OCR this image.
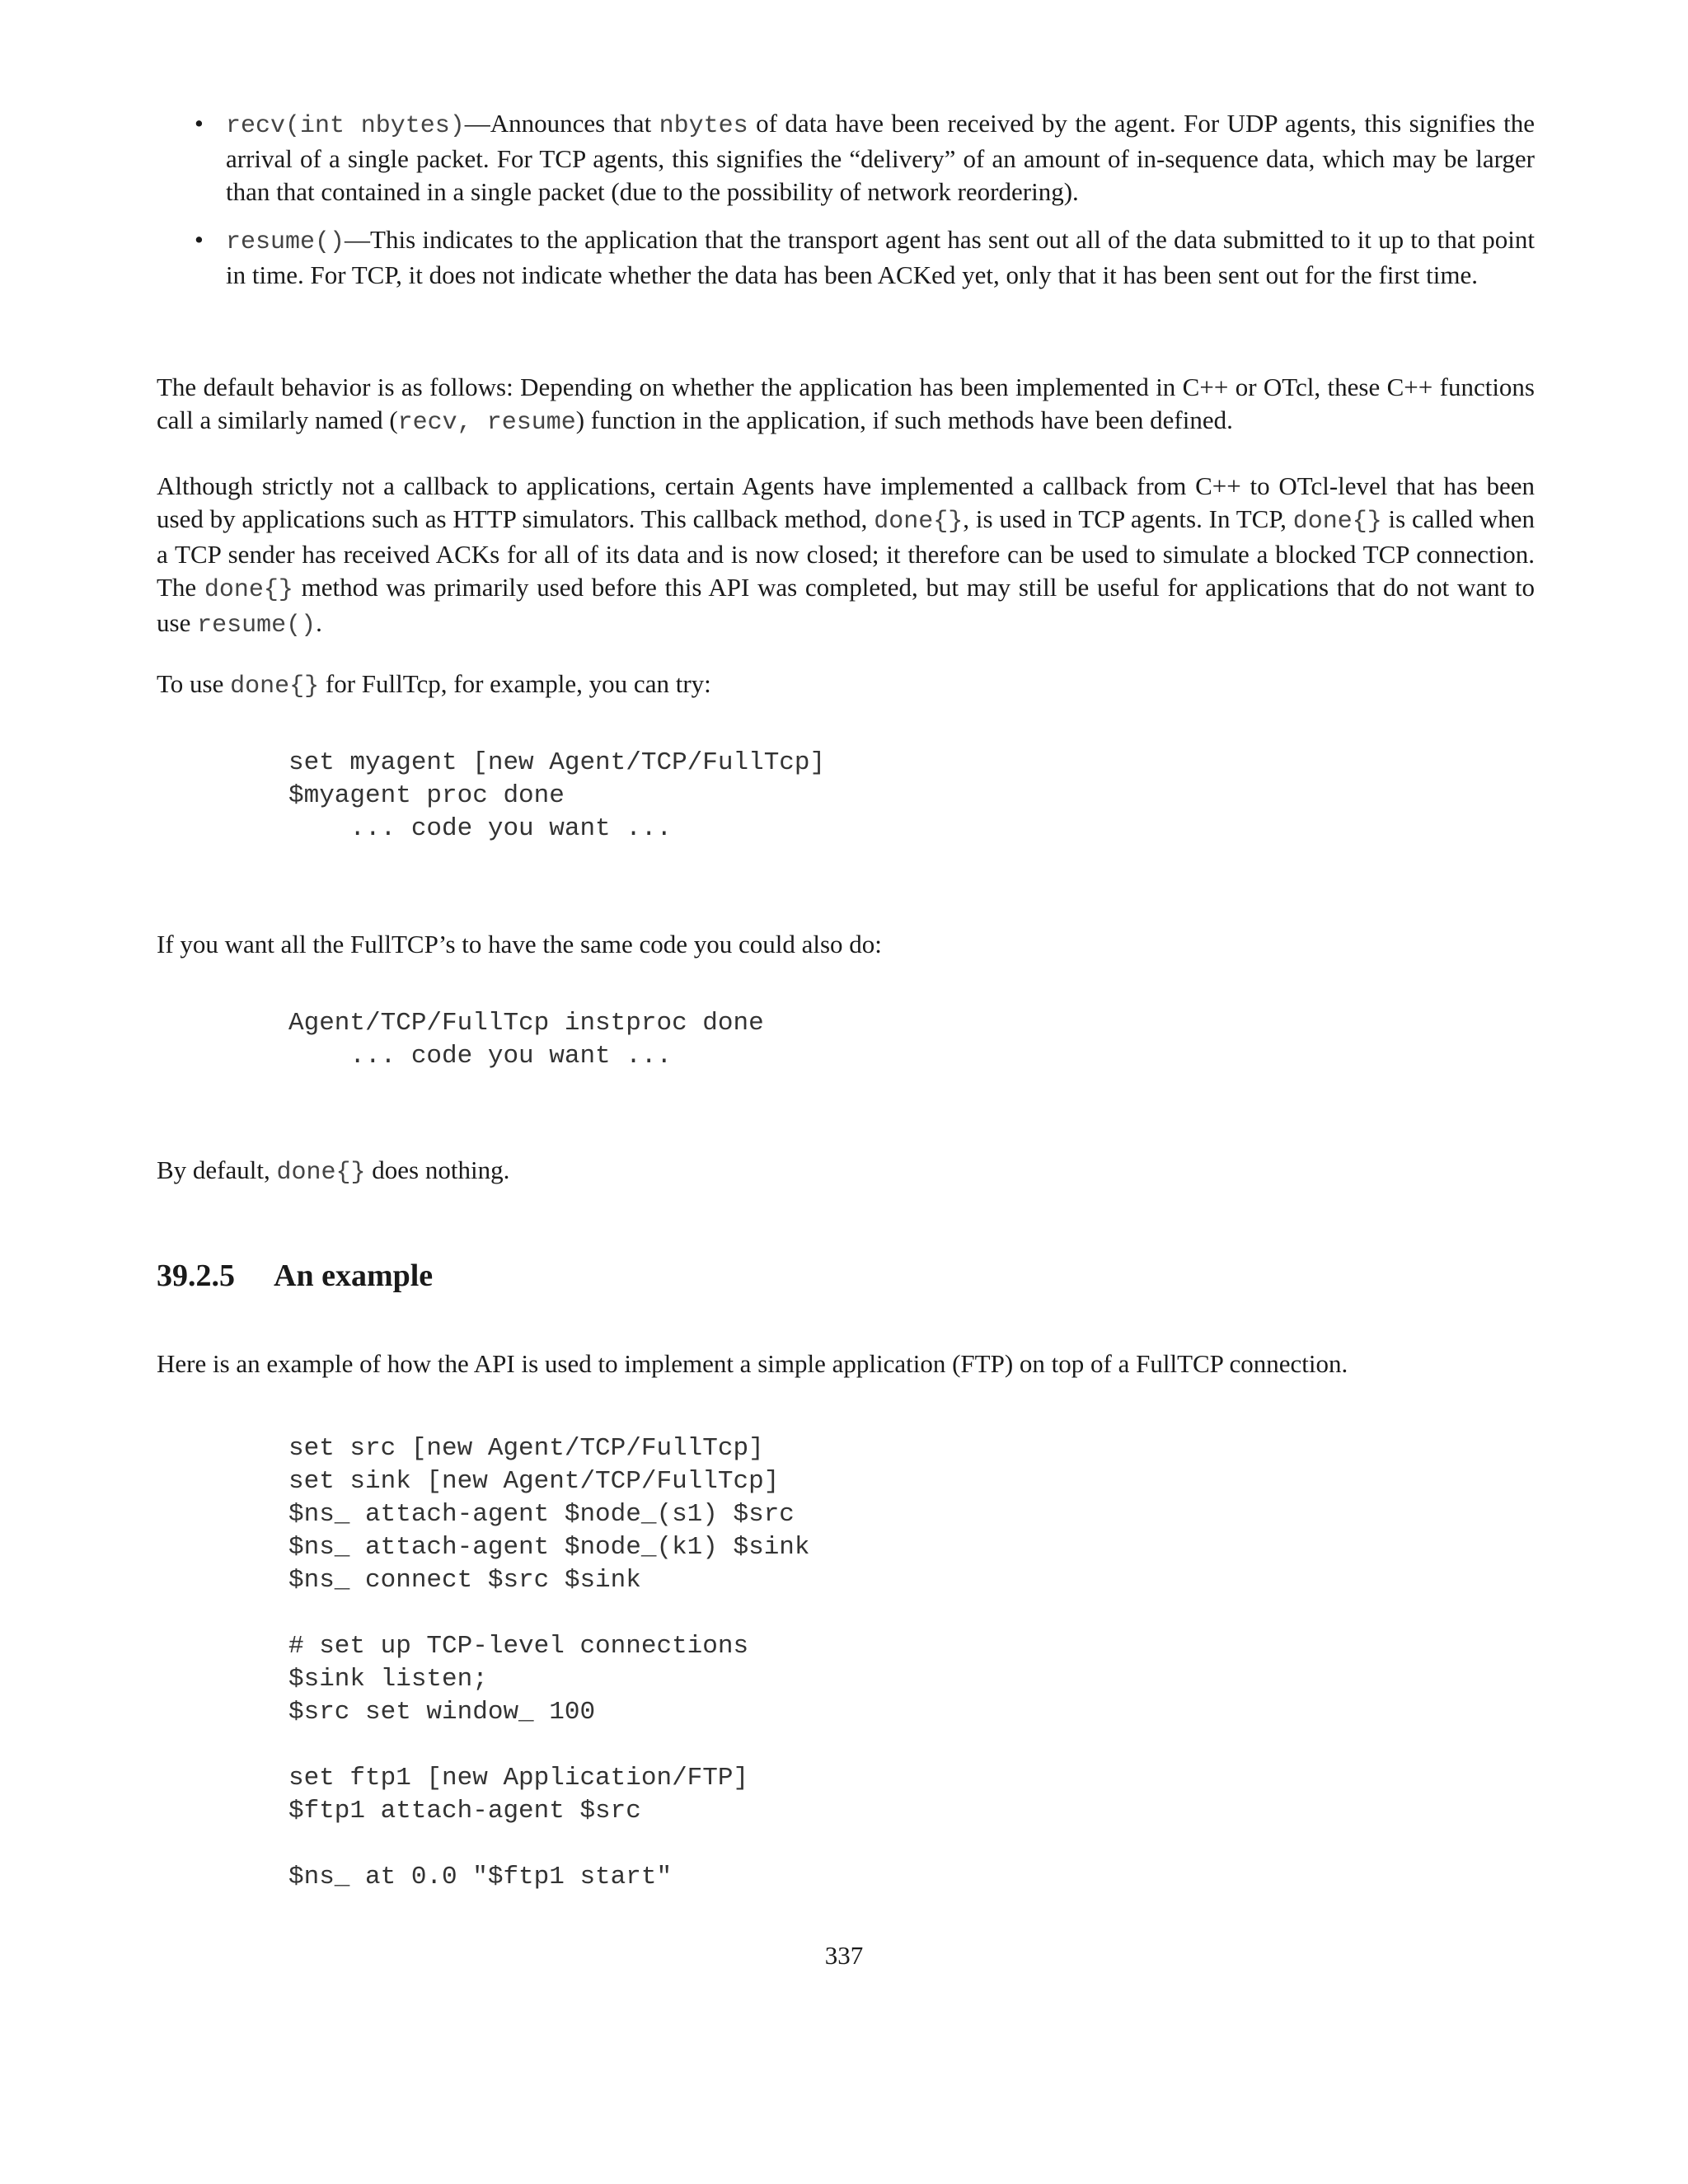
• recv(int nbytes)—Announces that nbytes of data have been received by the agent. For UDP agents, this signifies the arrival of a single packet. For TCP agents, this signifies the “delivery” of an amount of in-sequence data, which may be larger than that contained in a single packet (due to the possibility of network reordering).
• resume()—This indicates to the application that the transport agent has sent out all of the data submitted to it up to that point in time. For TCP, it does not indicate whether the data has been ACKed yet, only that it has been sent out for the first time.

The default behavior is as follows: Depending on whether the application has been implemented in C++ or OTcl, these C++ functions call a similarly named (recv, resume) function in the application, if such methods have been defined.

Although strictly not a callback to applications, certain Agents have implemented a callback from C++ to OTcl-level that has been used by applications such as HTTP simulators. This callback method, done{}, is used in TCP agents. In TCP, done{} is called when a TCP sender has received ACKs for all of its data and is now closed; it therefore can be used to simulate a blocked TCP connection. The done{} method was primarily used before this API was completed, but may still be useful for applications that do not want to use resume().

To use done{} for FullTcp, for example, you can try:

set myagent [new Agent/TCP/FullTcp]
$myagent proc done
... code you want ...

If you want all the FullTCP’s to have the same code you could also do:

Agent/TCP/FullTcp instproc done
... code you want ...

By default, done{} does nothing.

39.2.5 An example

Here is an example of how the API is used to implement a simple application (FTP) on top of a FullTCP connection.

set src [new Agent/TCP/FullTcp]
set sink [new Agent/TCP/FullTcp]
$ns_ attach-agent $node_(s1) $src
$ns_ attach-agent $node_(k1) $sink
$ns_ connect $src $sink

# set up TCP-level connections
$sink listen;
$src set window_ 100

set ftp1 [new Application/FTP]
$ftp1 attach-agent $src

$ns_ at 0.0 "$ftp1 start"
337
